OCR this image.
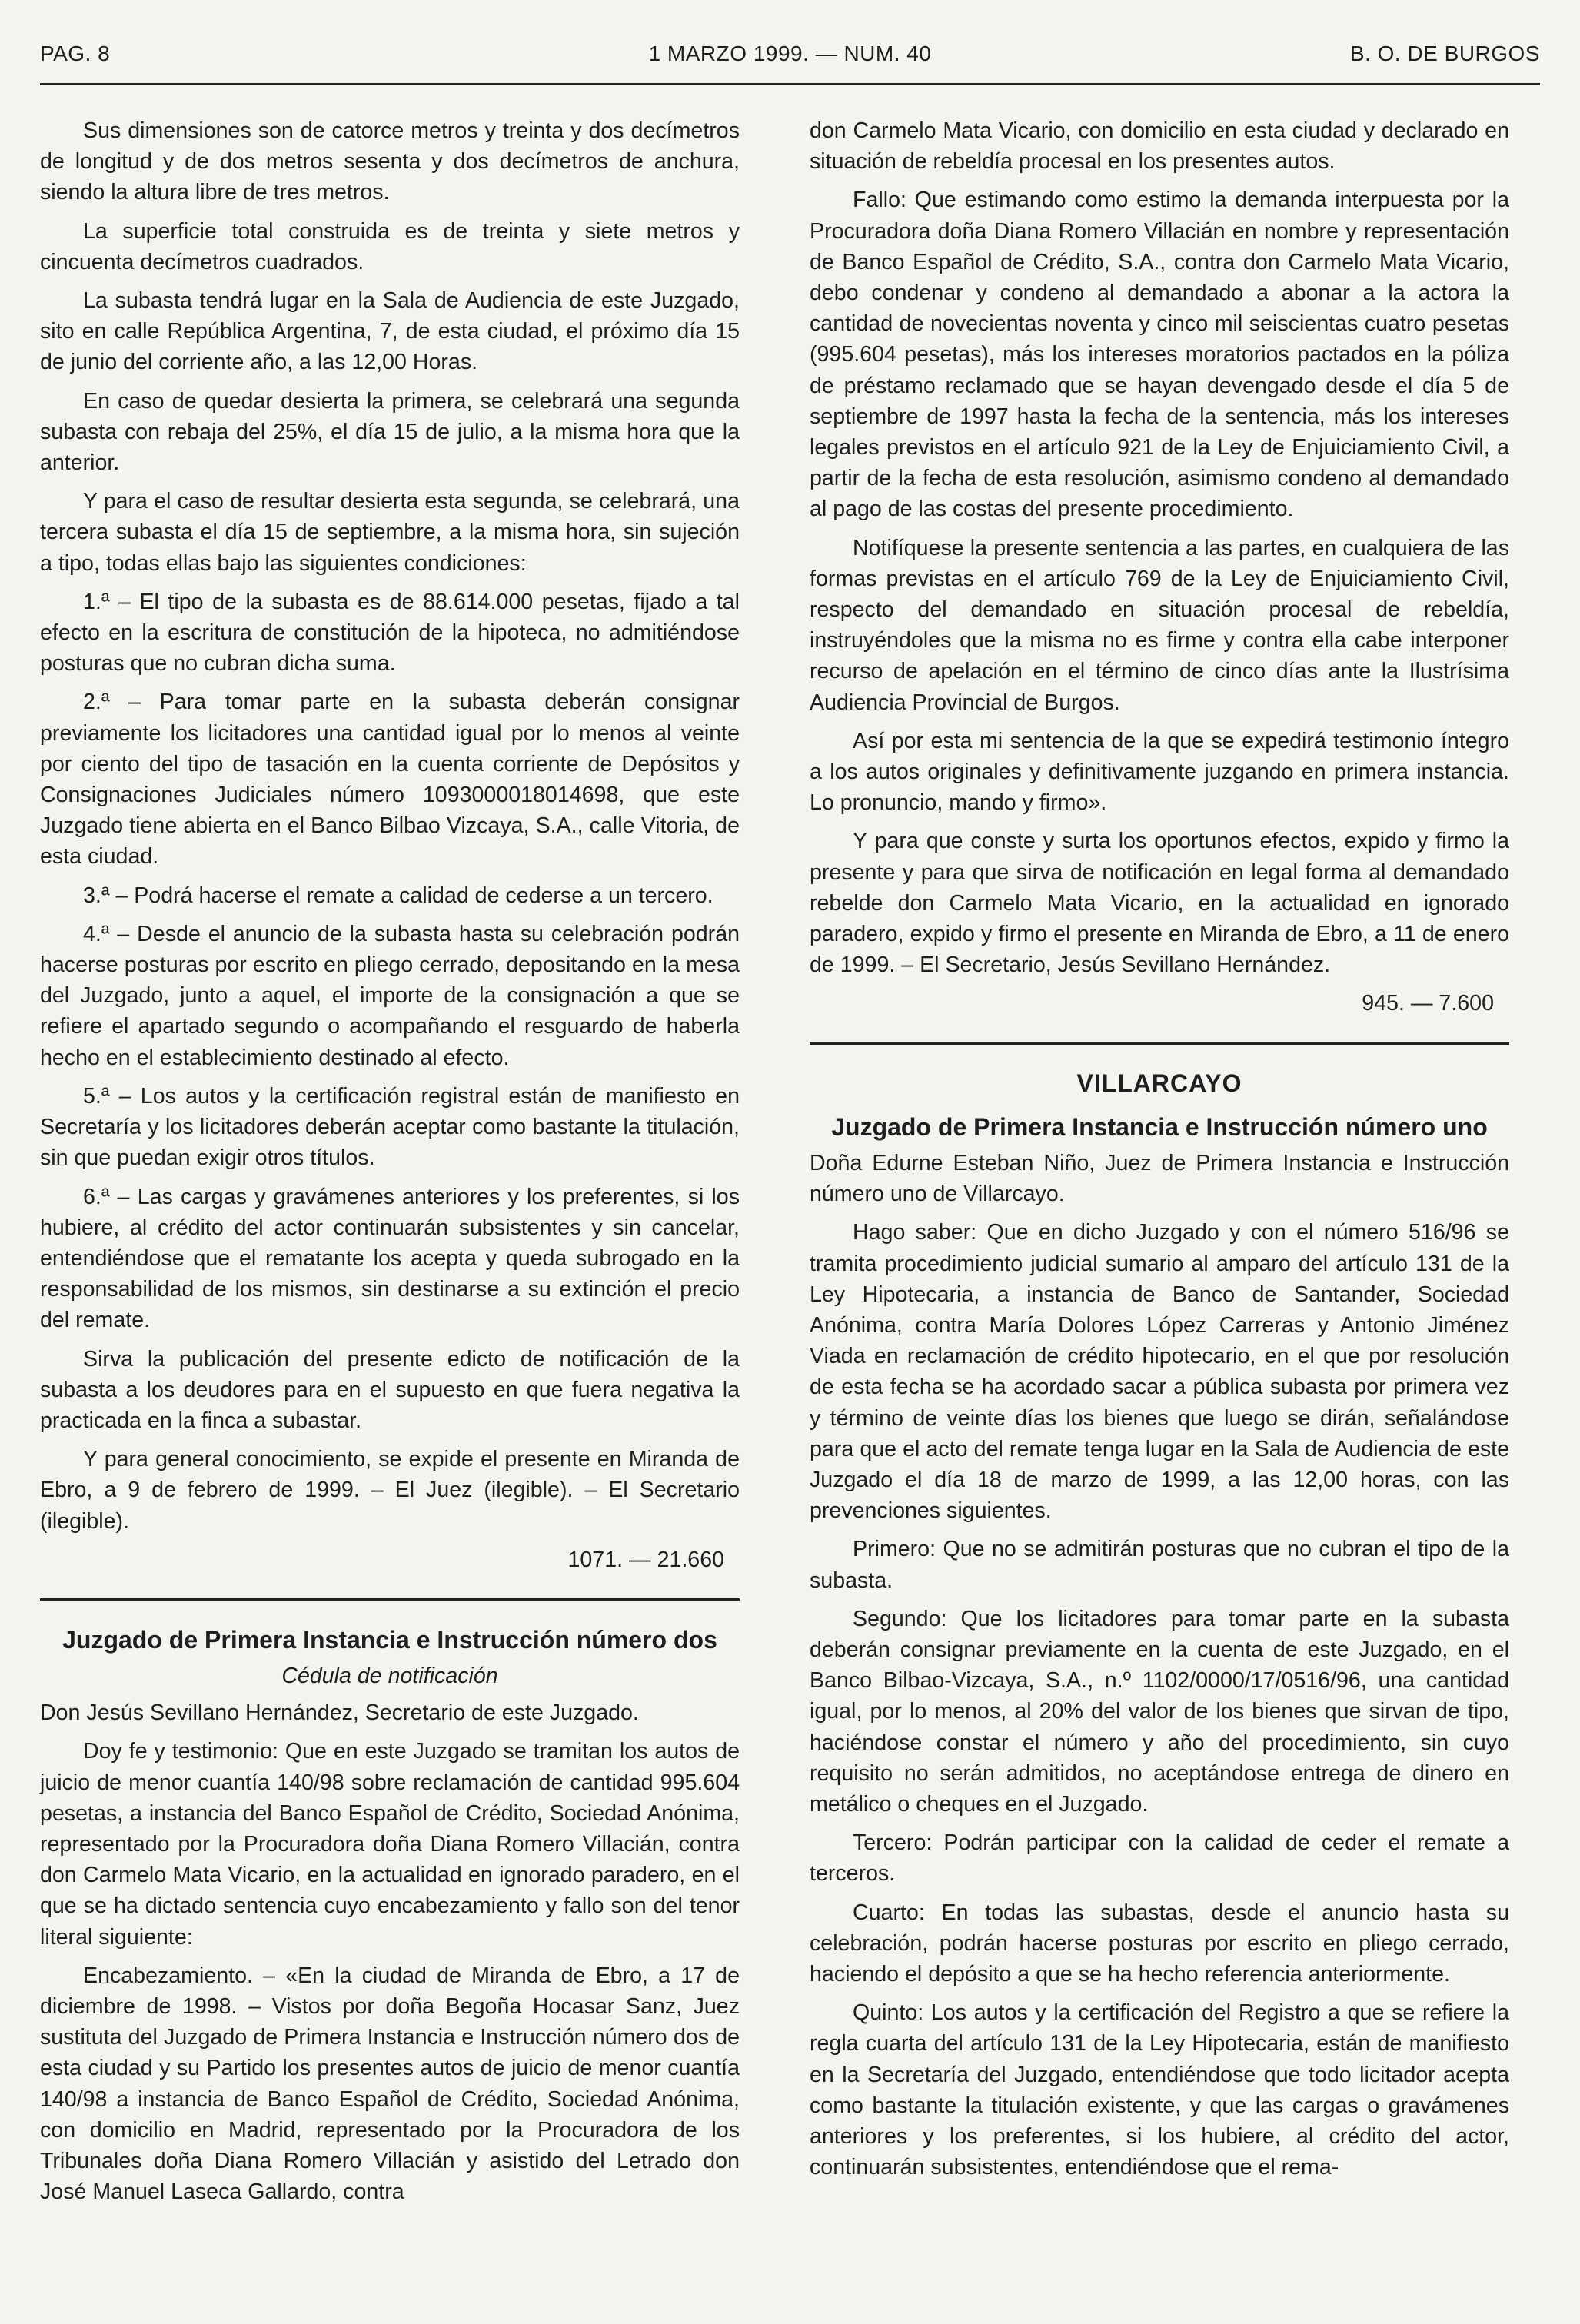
PAG. 8	1 MARZO 1999. — NUM. 40	B. O. DE BURGOS

Sus dimensiones son de catorce metros y treinta y dos decímetros de longitud y de dos metros sesenta y dos decímetros de anchura, siendo la altura libre de tres metros.

La superficie total construida es de treinta y siete metros y cincuenta decímetros cuadrados.

La subasta tendrá lugar en la Sala de Audiencia de este Juzgado, sito en calle República Argentina, 7, de esta ciudad, el próximo día 15 de junio del corriente año, a las 12,00 Horas.

En caso de quedar desierta la primera, se celebrará una segunda subasta con rebaja del 25%, el día 15 de julio, a la misma hora que la anterior.

Y para el caso de resultar desierta esta segunda, se celebrará, una tercera subasta el día 15 de septiembre, a la misma hora, sin sujeción a tipo, todas ellas bajo las siguientes condiciones:

1.ª – El tipo de la subasta es de 88.614.000 pesetas, fijado a tal efecto en la escritura de constitución de la hipoteca, no admitiéndose posturas que no cubran dicha suma.

2.ª – Para tomar parte en la subasta deberán consignar previamente los licitadores una cantidad igual por lo menos al veinte por ciento del tipo de tasación en la cuenta corriente de Depósitos y Consignaciones Judiciales número 1093000018014698, que este Juzgado tiene abierta en el Banco Bilbao Vizcaya, S.A., calle Vitoria, de esta ciudad.

3.ª – Podrá hacerse el remate a calidad de cederse a un tercero.

4.ª – Desde el anuncio de la subasta hasta su celebración podrán hacerse posturas por escrito en pliego cerrado, depositando en la mesa del Juzgado, junto a aquel, el importe de la consignación a que se refiere el apartado segundo o acompañando el resguardo de haberla hecho en el establecimiento destinado al efecto.

5.ª – Los autos y la certificación registral están de manifiesto en Secretaría y los licitadores deberán aceptar como bastante la titulación, sin que puedan exigir otros títulos.

6.ª – Las cargas y gravámenes anteriores y los preferentes, si los hubiere, al crédito del actor continuarán subsistentes y sin cancelar, entendiéndose que el rematante los acepta y queda subrogado en la responsabilidad de los mismos, sin destinarse a su extinción el precio del remate.

Sirva la publicación del presente edicto de notificación de la subasta a los deudores para en el supuesto en que fuera negativa la practicada en la finca a subastar.

Y para general conocimiento, se expide el presente en Miranda de Ebro, a 9 de febrero de 1999. – El Juez (ilegible). – El Secretario (ilegible).

1071. — 21.660
Juzgado de Primera Instancia e Instrucción número dos
Cédula de notificación

Don Jesús Sevillano Hernández, Secretario de este Juzgado.

Doy fe y testimonio: Que en este Juzgado se tramitan los autos de juicio de menor cuantía 140/98 sobre reclamación de cantidad 995.604 pesetas, a instancia del Banco Español de Crédito, Sociedad Anónima, representado por la Procuradora doña Diana Romero Villacián, contra don Carmelo Mata Vicario, en la actualidad en ignorado paradero, en el que se ha dictado sentencia cuyo encabezamiento y fallo son del tenor literal siguiente:

Encabezamiento. – «En la ciudad de Miranda de Ebro, a 17 de diciembre de 1998. – Vistos por doña Begoña Hocasar Sanz, Juez sustituta del Juzgado de Primera Instancia e Instrucción número dos de esta ciudad y su Partido los presentes autos de juicio de menor cuantía 140/98 a instancia de Banco Español de Crédito, Sociedad Anónima, con domicilio en Madrid, representado por la Procuradora de los Tribunales doña Diana Romero Villacián y asistido del Letrado don José Manuel Laseca Gallardo, contra

don Carmelo Mata Vicario, con domicilio en esta ciudad y declarado en situación de rebeldía procesal en los presentes autos.

Fallo: Que estimando como estimo la demanda interpuesta por la Procuradora doña Diana Romero Villacián en nombre y representación de Banco Español de Crédito, S.A., contra don Carmelo Mata Vicario, debo condenar y condeno al demandado a abonar a la actora la cantidad de novecientas noventa y cinco mil seiscientas cuatro pesetas (995.604 pesetas), más los intereses moratorios pactados en la póliza de préstamo reclamado que se hayan devengado desde el día 5 de septiembre de 1997 hasta la fecha de la sentencia, más los intereses legales previstos en el artículo 921 de la Ley de Enjuiciamiento Civil, a partir de la fecha de esta resolución, asimismo condeno al demandado al pago de las costas del presente procedimiento.

Notifíquese la presente sentencia a las partes, en cualquiera de las formas previstas en el artículo 769 de la Ley de Enjuiciamiento Civil, respecto del demandado en situación procesal de rebeldía, instruyéndoles que la misma no es firme y contra ella cabe interponer recurso de apelación en el término de cinco días ante la Ilustrísima Audiencia Provincial de Burgos.

Así por esta mi sentencia de la que se expedirá testimonio íntegro a los autos originales y definitivamente juzgando en primera instancia. Lo pronuncio, mando y firmo».

Y para que conste y surta los oportunos efectos, expido y firmo la presente y para que sirva de notificación en legal forma al demandado rebelde don Carmelo Mata Vicario, en la actualidad en ignorado paradero, expido y firmo el presente en Miranda de Ebro, a 11 de enero de 1999. – El Secretario, Jesús Sevillano Hernández.

945. — 7.600
VILLARCAYO
Juzgado de Primera Instancia e Instrucción número uno

Doña Edurne Esteban Niño, Juez de Primera Instancia e Instrucción número uno de Villarcayo.

Hago saber: Que en dicho Juzgado y con el número 516/96 se tramita procedimiento judicial sumario al amparo del artículo 131 de la Ley Hipotecaria, a instancia de Banco de Santander, Sociedad Anónima, contra María Dolores López Carreras y Antonio Jiménez Viada en reclamación de crédito hipotecario, en el que por resolución de esta fecha se ha acordado sacar a pública subasta por primera vez y término de veinte días los bienes que luego se dirán, señalándose para que el acto del remate tenga lugar en la Sala de Audiencia de este Juzgado el día 18 de marzo de 1999, a las 12,00 horas, con las prevenciones siguientes.

Primero: Que no se admitirán posturas que no cubran el tipo de la subasta.

Segundo: Que los licitadores para tomar parte en la subasta deberán consignar previamente en la cuenta de este Juzgado, en el Banco Bilbao-Vizcaya, S.A., n.º 1102/0000/17/0516/96, una cantidad igual, por lo menos, al 20% del valor de los bienes que sirvan de tipo, haciéndose constar el número y año del procedimiento, sin cuyo requisito no serán admitidos, no aceptándose entrega de dinero en metálico o cheques en el Juzgado.

Tercero: Podrán participar con la calidad de ceder el remate a terceros.

Cuarto: En todas las subastas, desde el anuncio hasta su celebración, podrán hacerse posturas por escrito en pliego cerrado, haciendo el depósito a que se ha hecho referencia anteriormente.

Quinto: Los autos y la certificación del Registro a que se refiere la regla cuarta del artículo 131 de la Ley Hipotecaria, están de manifiesto en la Secretaría del Juzgado, entendiéndose que todo licitador acepta como bastante la titulación existente, y que las cargas o gravámenes anteriores y los preferentes, si los hubiere, al crédito del actor, continuarán subsistentes, entendiéndose que el rema-
